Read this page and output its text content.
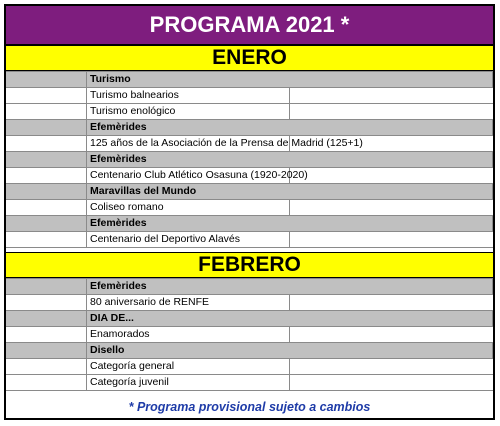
PROGRAMA 2021 *
ENERO
	Turismo	
	Turismo balnearios	
	Turismo enológico	
	Efemèrides	
	125 años de la Asociación de la Prensa de Madrid (125+1)	
	Efemèrides	
	Centenario Club Atlético Osasuna (1920-2020)	
	Maravillas del Mundo	
	Coliseo romano	
	Efemèrides	
	Centenario del Deportivo Alavés	
FEBRERO
	Efemèrides	
	80 aniversario de RENFE	
	DIA DE...	
	Enamorados	
	Disello	
	Categoría general	
	Categoría juvenil	
* Programa provisional sujeto a cambios
